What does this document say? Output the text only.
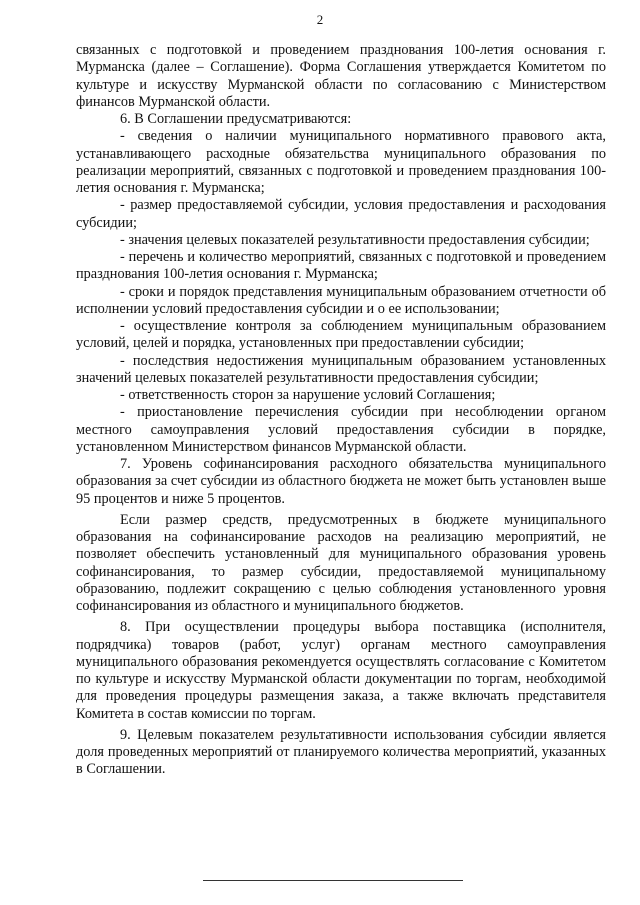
2

связанных с подготовкой и проведением празднования 100-летия основания г. Мурманска (далее – Соглашение). Форма Соглашения утверждается Комитетом по культуре и искусству Мурманской области по согласованию с Министерством финансов Мурманской области.

6. В Соглашении предусматриваются:

- сведения о наличии муниципального нормативного правового акта, устанавливающего расходные обязательства муниципального образования по реализации мероприятий, связанных с подготовкой и проведением празднования 100-летия основания г. Мурманска;

- размер предоставляемой субсидии, условия предоставления и расходования субсидии;

- значения целевых показателей результативности предоставления субсидии;

- перечень и количество мероприятий, связанных с подготовкой и проведением празднования 100-летия основания г. Мурманска;

- сроки и порядок представления муниципальным образованием отчетности об исполнении условий предоставления субсидии и о ее использовании;

- осуществление контроля за соблюдением муниципальным образованием условий, целей и порядка, установленных при предоставлении субсидии;

- последствия недостижения муниципальным образованием установленных значений целевых показателей результативности предоставления субсидии;

- ответственность сторон за нарушение условий Соглашения;

- приостановление перечисления субсидии при несоблюдении органом местного самоуправления условий предоставления субсидии в порядке, установленном Министерством финансов Мурманской области.

7. Уровень софинансирования расходного обязательства муниципального образования за счет субсидии из областного бюджета не может быть установлен выше 95 процентов и ниже 5 процентов.

Если размер средств, предусмотренных в бюджете муниципального образования на софинансирование расходов на реализацию мероприятий, не позволяет обеспечить установленный для муниципального образования уровень софинансирования, то размер субсидии, предоставляемой муниципальному образованию, подлежит сокращению с целью соблюдения установленного уровня софинансирования из областного и муниципального бюджетов.

8. При осуществлении процедуры выбора поставщика (исполнителя, подрядчика) товаров (работ, услуг) органам местного самоуправления муниципального образования рекомендуется осуществлять согласование с Комитетом по культуре и искусству Мурманской области документации по торгам, необходимой для проведения процедуры размещения заказа, а также включать представителя Комитета в состав комиссии по торгам.

9. Целевым показателем результативности использования субсидии является доля проведенных мероприятий от планируемого количества мероприятий, указанных в Соглашении.
